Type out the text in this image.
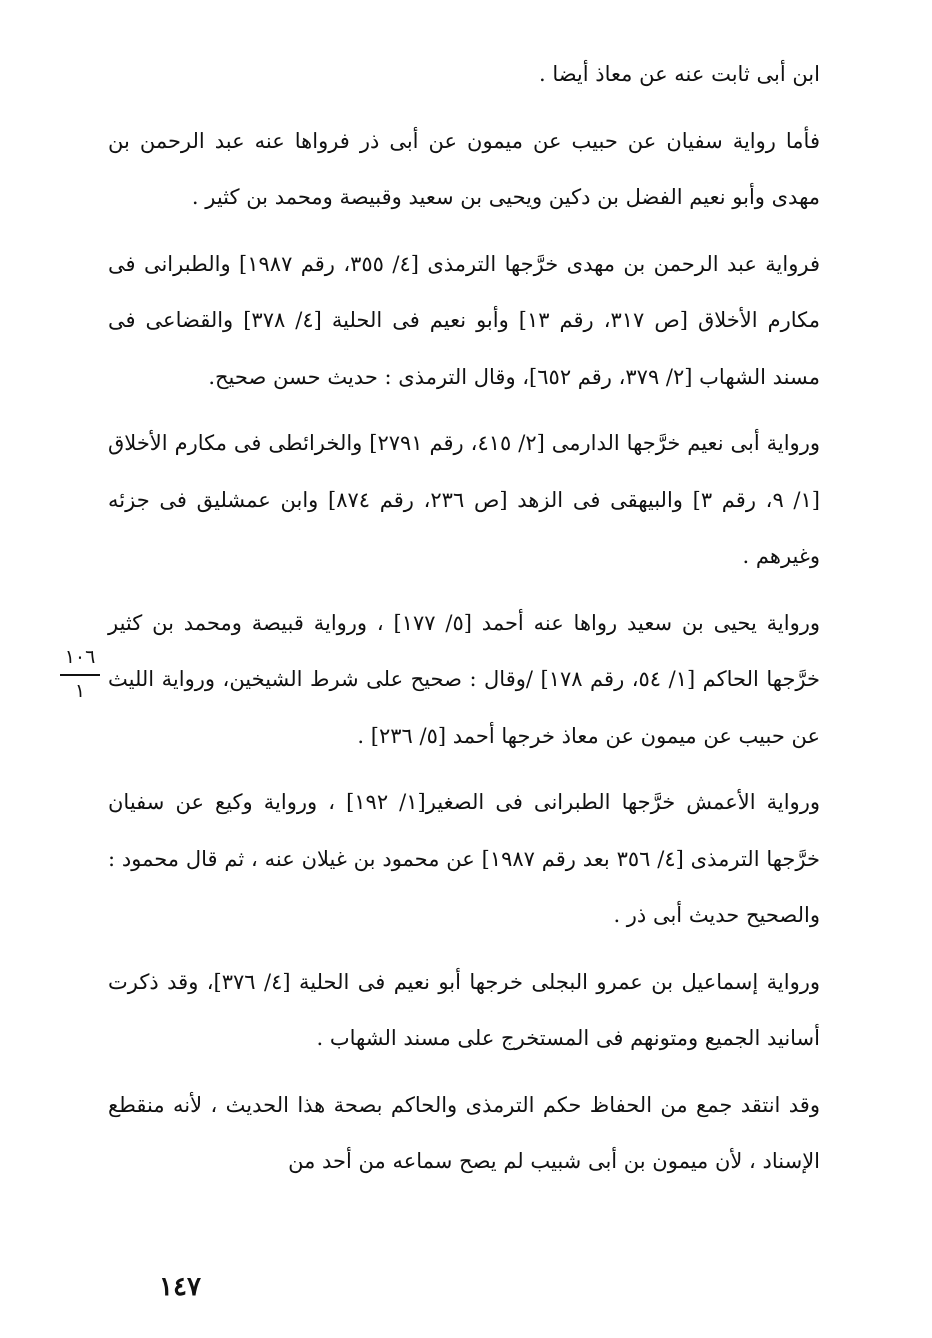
ابن أبى ثابت عنه عن معاذ أيضا .

فأما رواية سفيان عن حبيب عن ميمون عن أبى ذر فرواها عنه عبد الرحمن بن مهدى وأبو نعيم الفضل بن دكين ويحيى بن سعيد وقبيصة ومحمد بن كثير .

فرواية عبد الرحمن بن مهدى خرَّجها الترمذى [٤/ ٣٥٥، رقم ١٩٨٧] والطبرانى فى مكارم الأخلاق [ص ٣١٧، رقم ١٣] وأبو نعيم فى الحلية [٤/ ٣٧٨] والقضاعى فى مسند الشهاب [٢/ ٣٧٩، رقم ٦٥٢]، وقال الترمذى : حديث حسن صحيح.

ورواية أبى نعيم خرَّجها الدارمى [٢/ ٤١٥، رقم ٢٧٩١] والخرائطى فى مكارم الأخلاق [١/ ٩، رقم ٣] والبيهقى فى الزهد [ص ٢٣٦، رقم ٨٧٤] وابن عمشليق فى جزئه وغيرهم .

ورواية يحيى بن سعيد رواها عنه أحمد [٥/ ١٧٧] ، ورواية قبيصة ومحمد بن كثير خرَّجها الحاكم [١/ ٥٤، رقم ١٧٨] /وقال : صحيح على شرط الشيخين، ورواية الليث عن حبيب عن ميمون عن معاذ خرجها أحمد [٥/ ٢٣٦] .

ورواية الأعمش خرَّجها الطبرانى فى الصغير[١/ ١٩٢] ، ورواية وكيع عن سفيان خرَّجها الترمذى [٤/ ٣٥٦ بعد رقم ١٩٨٧] عن محمود بن غيلان عنه ، ثم قال محمود : والصحيح حديث أبى ذر .

ورواية إسماعيل بن عمرو البجلى خرجها أبو نعيم فى الحلية [٤/ ٣٧٦]، وقد ذكرت أسانيد الجميع ومتونهم فى المستخرج على مسند الشهاب .

وقد انتقد جمع من الحفاظ حكم الترمذى والحاكم بصحة هذا الحديث ، لأنه منقطع الإسناد ، لأن ميمون بن أبى شبيب لم يصح سماعه من أحد من

١٠٦
١
١٤٧
